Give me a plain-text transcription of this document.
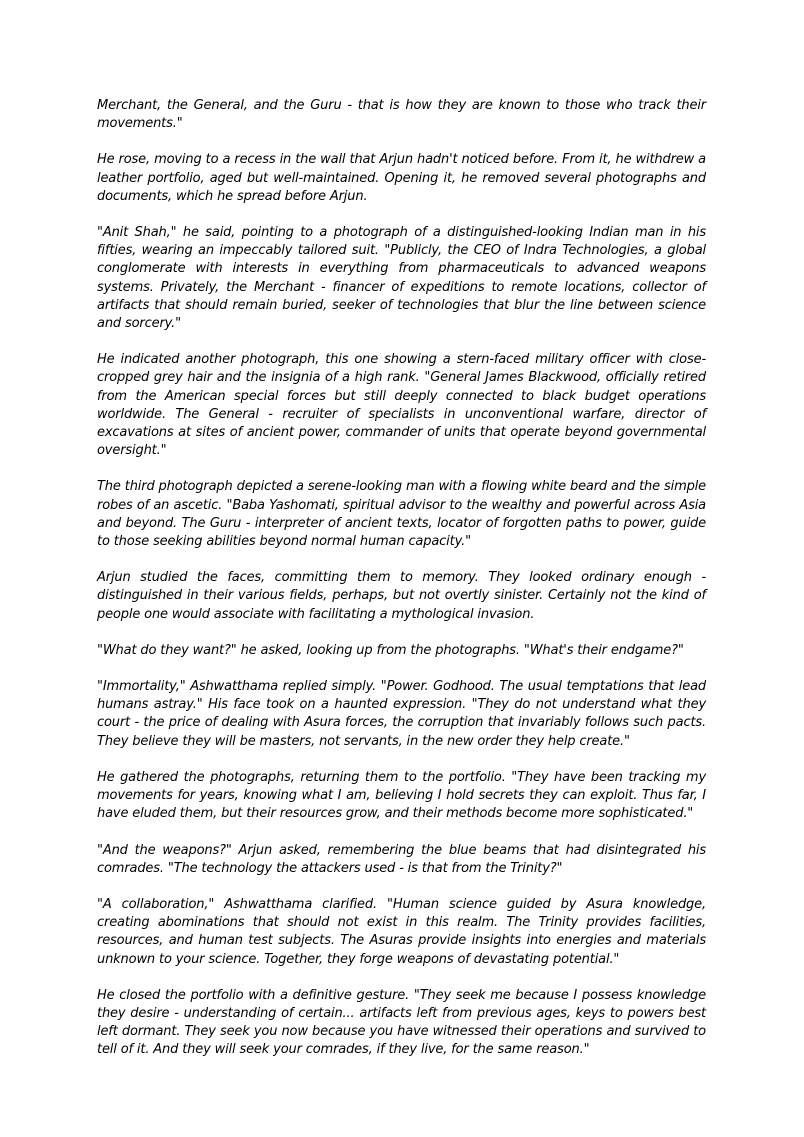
Merchant, the General, and the Guru - that is how they are known to those who track their movements."

He rose, moving to a recess in the wall that Arjun hadn't noticed before. From it, he withdrew a leather portfolio, aged but well-maintained. Opening it, he removed several photographs and documents, which he spread before Arjun.

"Anit Shah," he said, pointing to a photograph of a distinguished-looking Indian man in his fifties, wearing an impeccably tailored suit. "Publicly, the CEO of Indra Technologies, a global conglomerate with interests in everything from pharmaceuticals to advanced weapons systems. Privately, the Merchant - financer of expeditions to remote locations, collector of artifacts that should remain buried, seeker of technologies that blur the line between science and sorcery."

He indicated another photograph, this one showing a stern-faced military officer with close-cropped grey hair and the insignia of a high rank. "General James Blackwood, officially retired from the American special forces but still deeply connected to black budget operations worldwide. The General - recruiter of specialists in unconventional warfare, director of excavations at sites of ancient power, commander of units that operate beyond governmental oversight."

The third photograph depicted a serene-looking man with a flowing white beard and the simple robes of an ascetic. "Baba Yashomati, spiritual advisor to the wealthy and powerful across Asia and beyond. The Guru - interpreter of ancient texts, locator of forgotten paths to power, guide to those seeking abilities beyond normal human capacity."

Arjun studied the faces, committing them to memory. They looked ordinary enough - distinguished in their various fields, perhaps, but not overtly sinister. Certainly not the kind of people one would associate with facilitating a mythological invasion.

"What do they want?" he asked, looking up from the photographs. "What's their endgame?"

"Immortality," Ashwatthama replied simply. "Power. Godhood. The usual temptations that lead humans astray." His face took on a haunted expression. "They do not understand what they court - the price of dealing with Asura forces, the corruption that invariably follows such pacts. They believe they will be masters, not servants, in the new order they help create."

He gathered the photographs, returning them to the portfolio. "They have been tracking my movements for years, knowing what I am, believing I hold secrets they can exploit. Thus far, I have eluded them, but their resources grow, and their methods become more sophisticated."

"And the weapons?" Arjun asked, remembering the blue beams that had disintegrated his comrades. "The technology the attackers used - is that from the Trinity?"

"A collaboration," Ashwatthama clarified. "Human science guided by Asura knowledge, creating abominations that should not exist in this realm. The Trinity provides facilities, resources, and human test subjects. The Asuras provide insights into energies and materials unknown to your science. Together, they forge weapons of devastating potential."

He closed the portfolio with a definitive gesture. "They seek me because I possess knowledge they desire - understanding of certain... artifacts left from previous ages, keys to powers best left dormant. They seek you now because you have witnessed their operations and survived to tell of it. And they will seek your comrades, if they live, for the same reason."
